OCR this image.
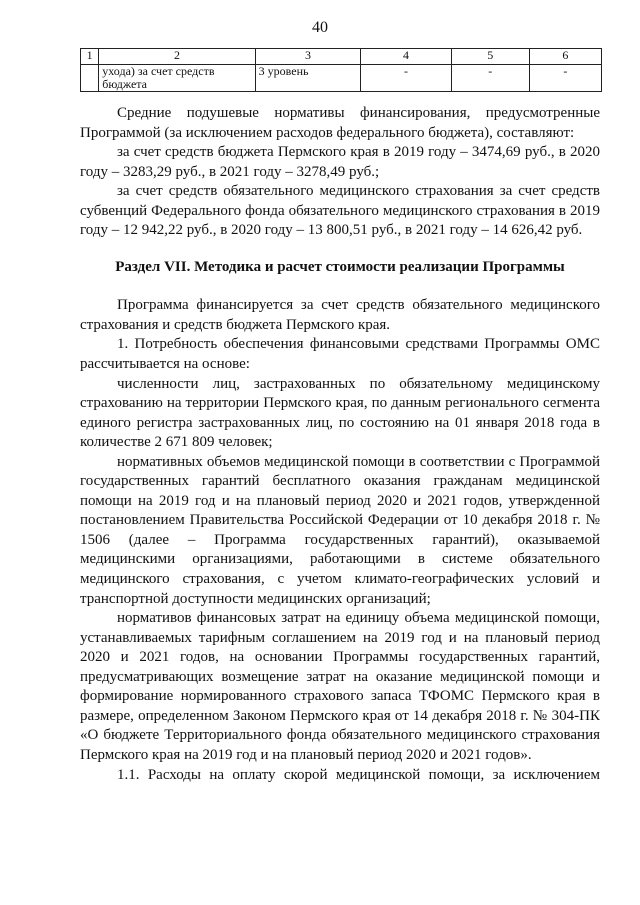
40
1	2	3	4	5	6
	ухода) за счет средств бюджета	3 уровень	-	-	-

Средние подушевые нормативы финансирования, предусмотренные Программой (за исключением расходов федерального бюджета), составляют:

за счет средств бюджета Пермского края в 2019 году – 3474,69 руб., в 2020 году – 3283,29 руб., в 2021 году – 3278,49 руб.;

за счет средств обязательного медицинского страхования за счет средств субвенций Федерального фонда обязательного медицинского страхования в 2019 году – 12 942,22 руб., в 2020 году – 13 800,51 руб., в 2021 году – 14 626,42 руб.

Раздел VII. Методика и расчет стоимости реализации Программы

Программа финансируется за счет средств обязательного медицинского страхования и средств бюджета Пермского края.

1. Потребность обеспечения финансовыми средствами Программы ОМС рассчитывается на основе:

численности лиц, застрахованных по обязательному медицинскому страхованию на территории Пермского края, по данным регионального сегмента единого регистра застрахованных лиц, по состоянию на 01 января 2018 года в количестве 2 671 809 человек;

нормативных объемов медицинской помощи в соответствии с Программой государственных гарантий бесплатного оказания гражданам медицинской помощи на 2019 год и на плановый период 2020 и 2021 годов, утвержденной постановлением Правительства Российской Федерации от 10 декабря 2018 г. № 1506 (далее – Программа государственных гарантий), оказываемой медицинскими организациями, работающими в системе обязательного медицинского страхования, с учетом климато-географических условий и транспортной доступности медицинских организаций;

нормативов финансовых затрат на единицу объема медицинской помощи, устанавливаемых тарифным соглашением на 2019 год и на плановый период 2020 и 2021 годов, на основании Программы государственных гарантий, предусматривающих возмещение затрат на оказание медицинской помощи и формирование нормированного страхового запаса ТФОМС Пермского края в размере, определенном Законом Пермского края от 14 декабря 2018 г. № 304-ПК «О бюджете Территориального фонда обязательного медицинского страхования Пермского края на 2019 год и на плановый период 2020 и 2021 годов».

1.1. Расходы на оплату скорой медицинской помощи, за исключением
